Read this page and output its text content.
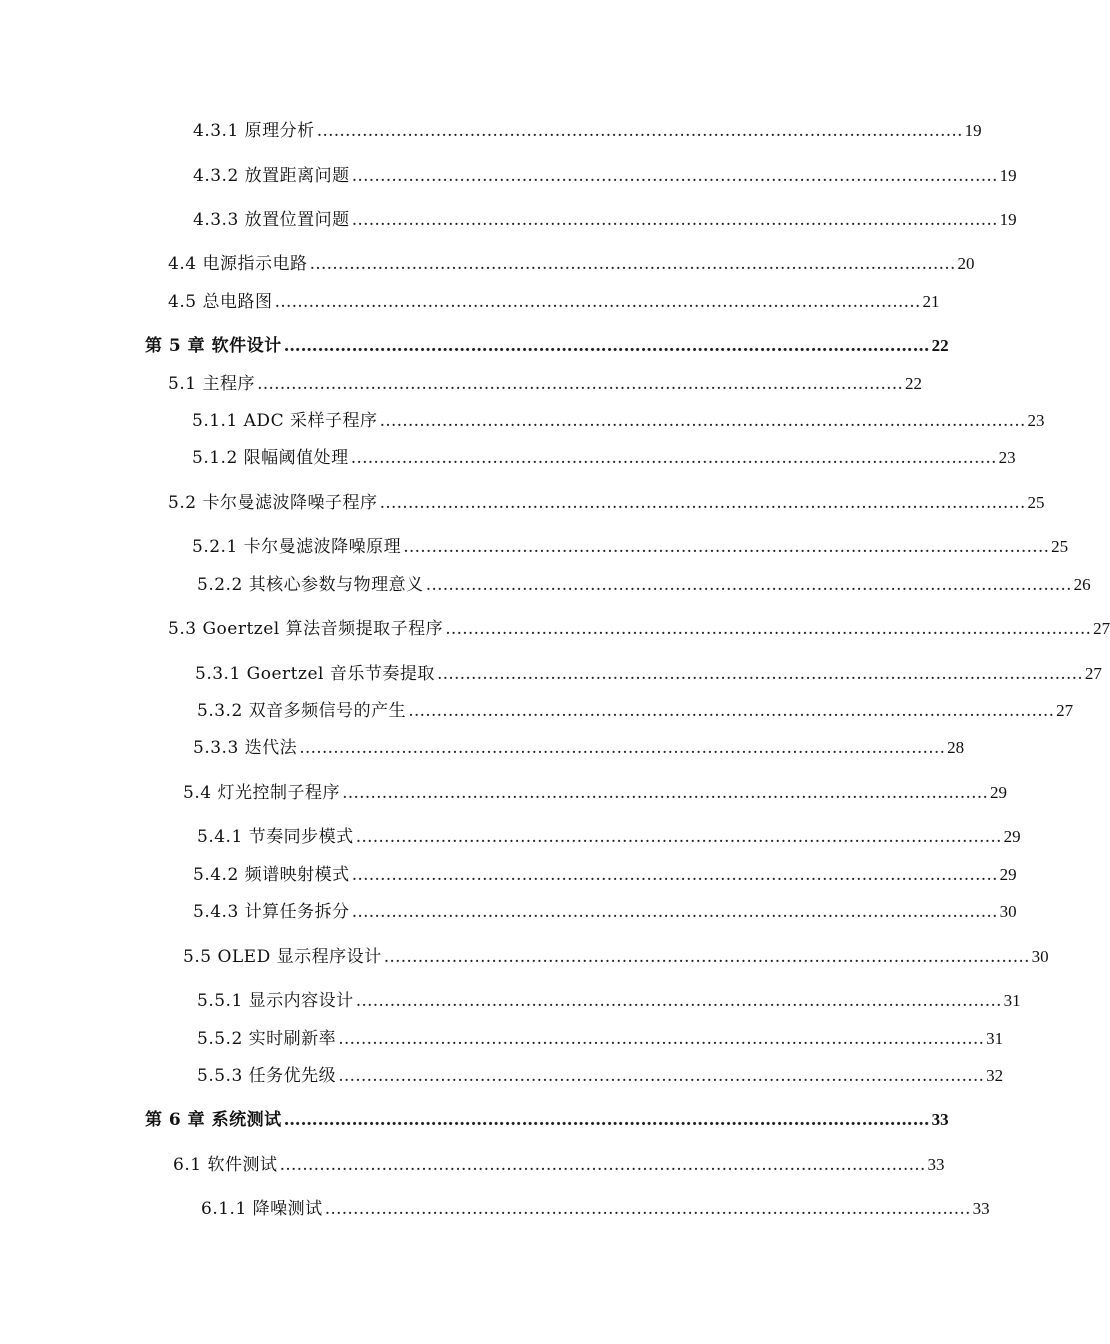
4.3.1 原理分析 …………………………………………………………………………………………………… 19
4.3.2 放置距离问题 …………………………………………………………………………………………………… 19
4.3.3 放置位置问题 …………………………………………………………………………………………………… 19
4.4 电源指示电路 …………………………………………………………………………………………………… 20
4.5 总电路图 …………………………………………………………………………………………………… 21
第 5 章 软件设计 …………………………………………………………………………………………………… 22
5.1 主程序 …………………………………………………………………………………………………… 22
5.1.1 ADC 采样子程序 …………………………………………………………………………………………………… 23
5.1.2 限幅阈值处理 …………………………………………………………………………………………………… 23
5.2 卡尔曼滤波降噪子程序 …………………………………………………………………………………………………… 25
5.2.1 卡尔曼滤波降噪原理 …………………………………………………………………………………………………… 25
5.2.2 其核心参数与物理意义 …………………………………………………………………………………………………… 26
5.3 Goertzel 算法音频提取子程序 …………………………………………………………………………………………………… 27
5.3.1 Goertzel 音乐节奏提取 …………………………………………………………………………………………………… 27
5.3.2 双音多频信号的产生 …………………………………………………………………………………………………… 27
5.3.3 迭代法 …………………………………………………………………………………………………… 28
5.4 灯光控制子程序 …………………………………………………………………………………………………… 29
5.4.1 节奏同步模式 …………………………………………………………………………………………………… 29
5.4.2 频谱映射模式 …………………………………………………………………………………………………… 29
5.4.3 计算任务拆分 …………………………………………………………………………………………………… 30
5.5 OLED 显示程序设计 …………………………………………………………………………………………………… 30
5.5.1 显示内容设计 …………………………………………………………………………………………………… 31
5.5.2 实时刷新率 …………………………………………………………………………………………………… 31
5.5.3 任务优先级 …………………………………………………………………………………………………… 32
第 6 章 系统测试 …………………………………………………………………………………………………… 33
6.1 软件测试 …………………………………………………………………………………………………… 33
6.1.1 降噪测试 …………………………………………………………………………………………………… 33
